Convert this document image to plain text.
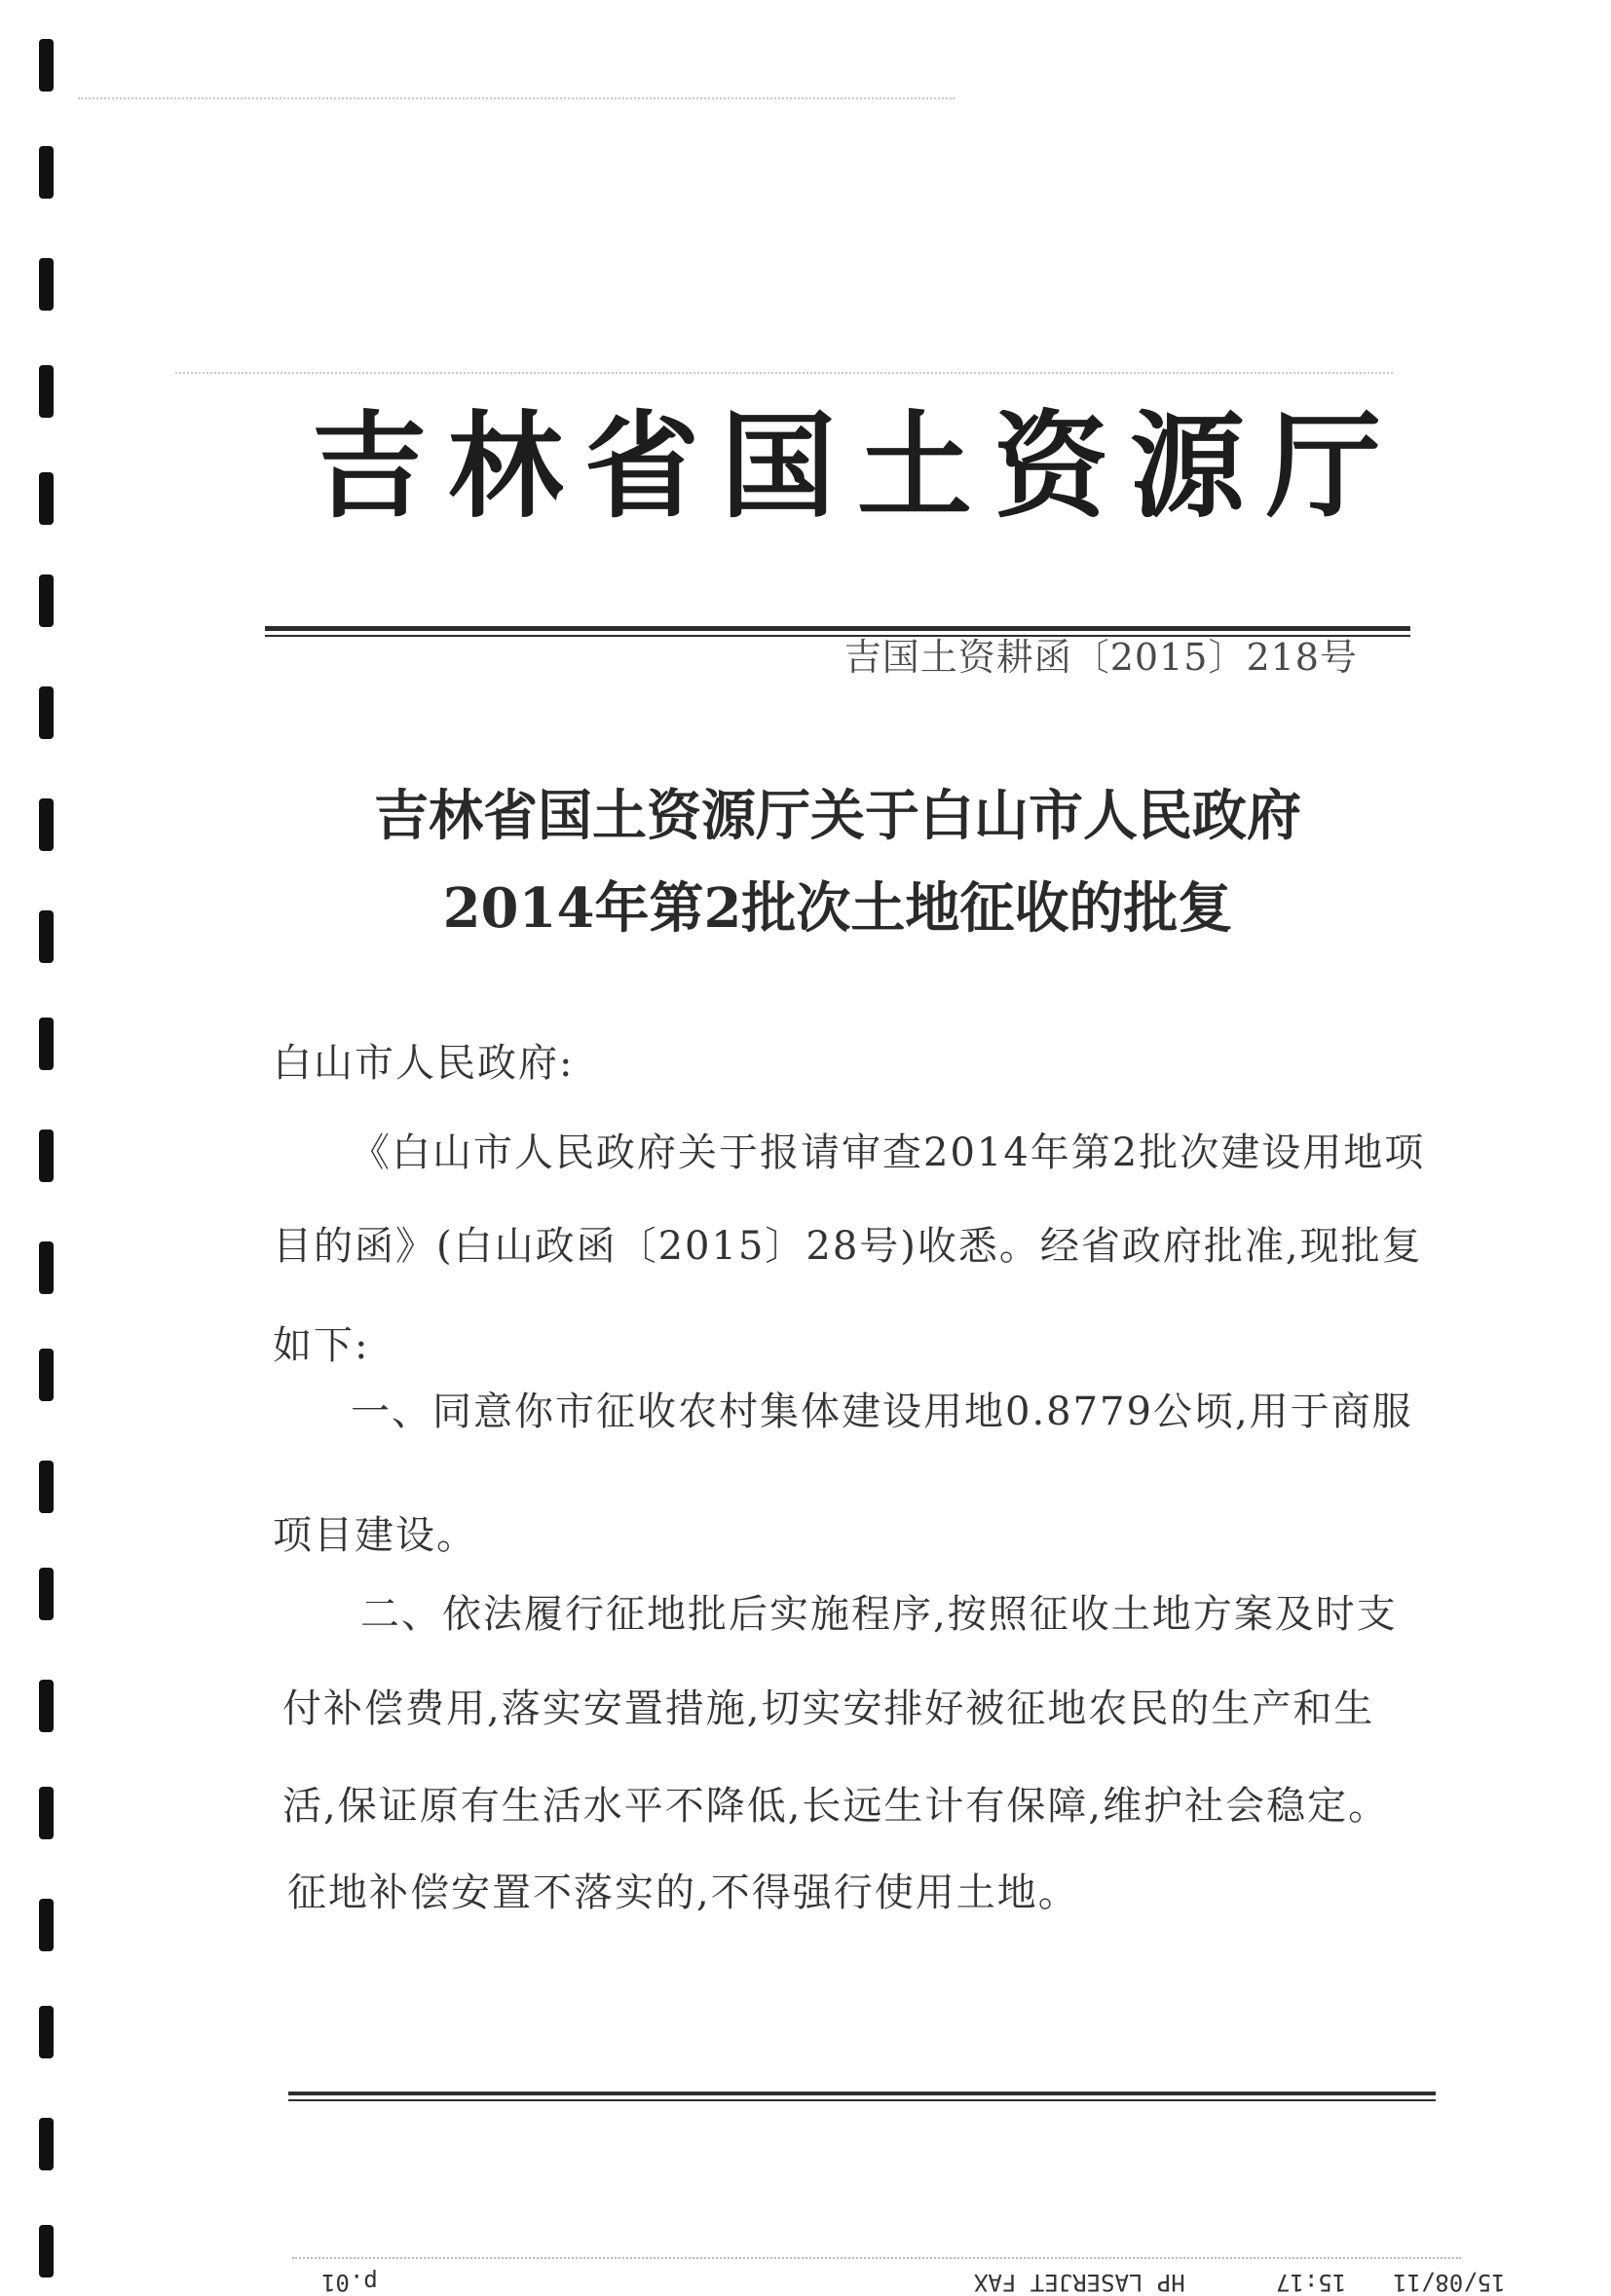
吉林省国土资源厅
吉国土资耕函〔2015〕218号
吉林省国土资源厅关于白山市人民政府
2014年第2批次土地征收的批复
白山市人民政府:
《白山市人民政府关于报请审查2014年第2批次建设用地项
目的函》(白山政函〔2015〕28号)收悉。经省政府批准,现批复
如下:
一、同意你市征收农村集体建设用地0.8779公顷,用于商服
项目建设。
二、依法履行征地批后实施程序,按照征收土地方案及时支
付补偿费用,落实安置措施,切实安排好被征地农民的生产和生
活,保证原有生活水平不降低,长远生计有保障,维护社会稳定。
征地补偿安置不落实的,不得强行使用土地。
p.01	HP LASERJET FAX	15:17 15/08/11
